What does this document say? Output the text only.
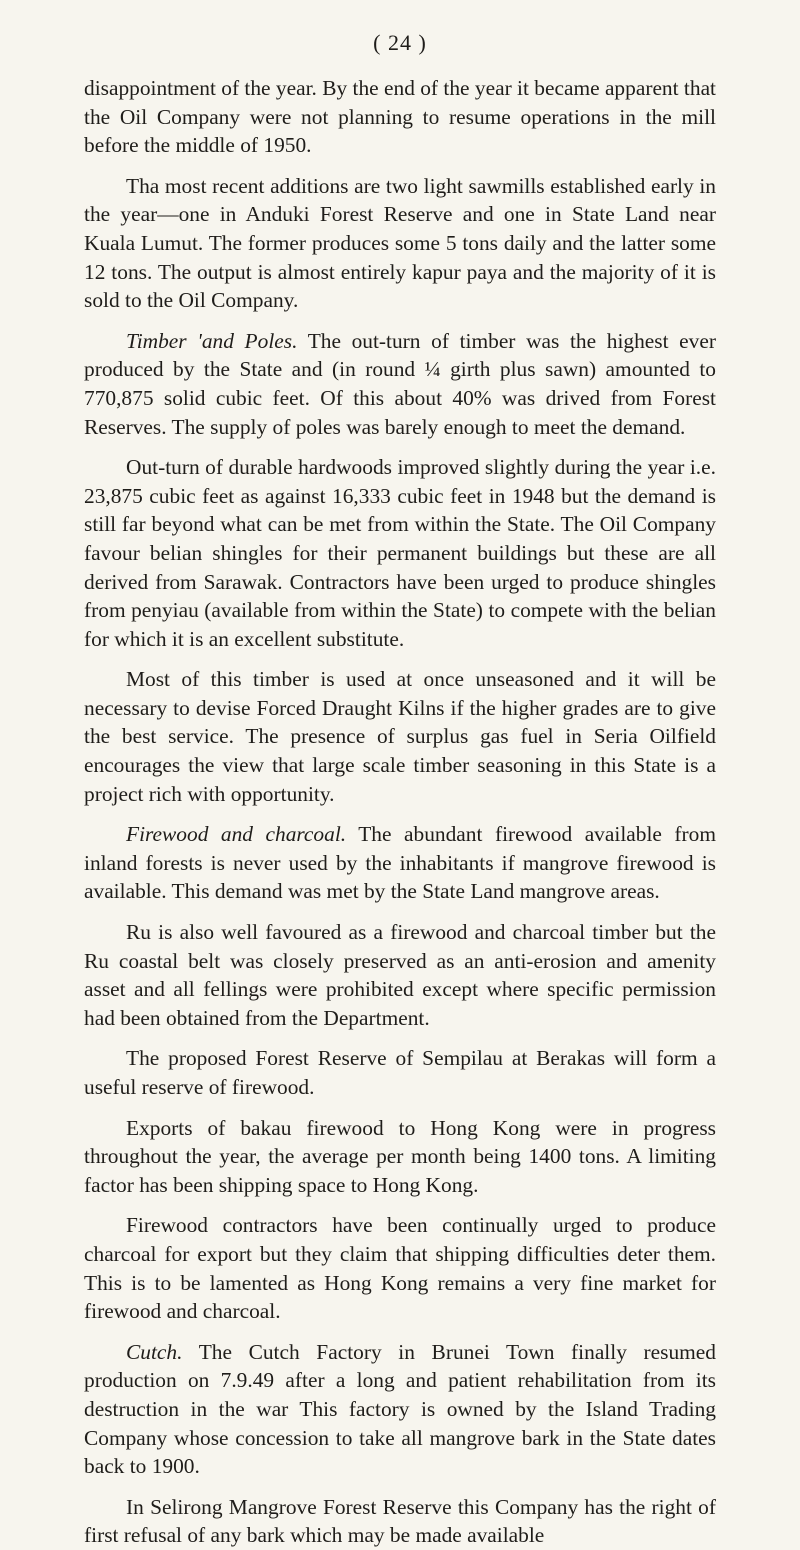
( 24 )

disappointment of the year. By the end of the year it became apparent that the Oil Company were not planning to resume operations in the mill before the middle of 1950.

Tha most recent additions are two light sawmills established early in the year—one in Anduki Forest Reserve and one in State Land near Kuala Lumut. The former produces some 5 tons daily and the latter some 12 tons. The output is almost entirely kapur paya and the majority of it is sold to the Oil Company.

Timber 'and Poles. The out-turn of timber was the highest ever produced by the State and (in round ¼ girth plus sawn) amounted to 770,875 solid cubic feet. Of this about 40% was drived from Forest Reserves. The supply of poles was barely enough to meet the demand.

Out-turn of durable hardwoods improved slightly during the year i.e. 23,875 cubic feet as against 16,333 cubic feet in 1948 but the demand is still far beyond what can be met from within the State. The Oil Company favour belian shingles for their permanent buildings but these are all derived from Sarawak. Contractors have been urged to produce shingles from penyiau (available from within the State) to compete with the belian for which it is an excellent substitute.

Most of this timber is used at once unseasoned and it will be necessary to devise Forced Draught Kilns if the higher grades are to give the best service. The presence of surplus gas fuel in Seria Oilfield encourages the view that large scale timber seasoning in this State is a project rich with opportunity.

Firewood and charcoal. The abundant firewood available from inland forests is never used by the inhabitants if mangrove firewood is available. This demand was met by the State Land mangrove areas.

Ru is also well favoured as a firewood and charcoal timber but the Ru coastal belt was closely preserved as an anti-erosion and amenity asset and all fellings were prohibited except where specific permission had been obtained from the Department.

The proposed Forest Reserve of Sempilau at Berakas will form a useful reserve of firewood.

Exports of bakau firewood to Hong Kong were in progress throughout the year, the average per month being 1400 tons. A limiting factor has been shipping space to Hong Kong.

Firewood contractors have been continually urged to produce charcoal for export but they claim that shipping difficulties deter them. This is to be lamented as Hong Kong remains a very fine market for firewood and charcoal.

Cutch. The Cutch Factory in Brunei Town finally resumed production on 7.9.49 after a long and patient rehabilitation from its destruction in the war This factory is owned by the Island Trading Company whose concession to take all mangrove bark in the State dates back to 1900.

In Selirong Mangrove Forest Reserve this Company has the right of first refusal of any bark which may be made available
